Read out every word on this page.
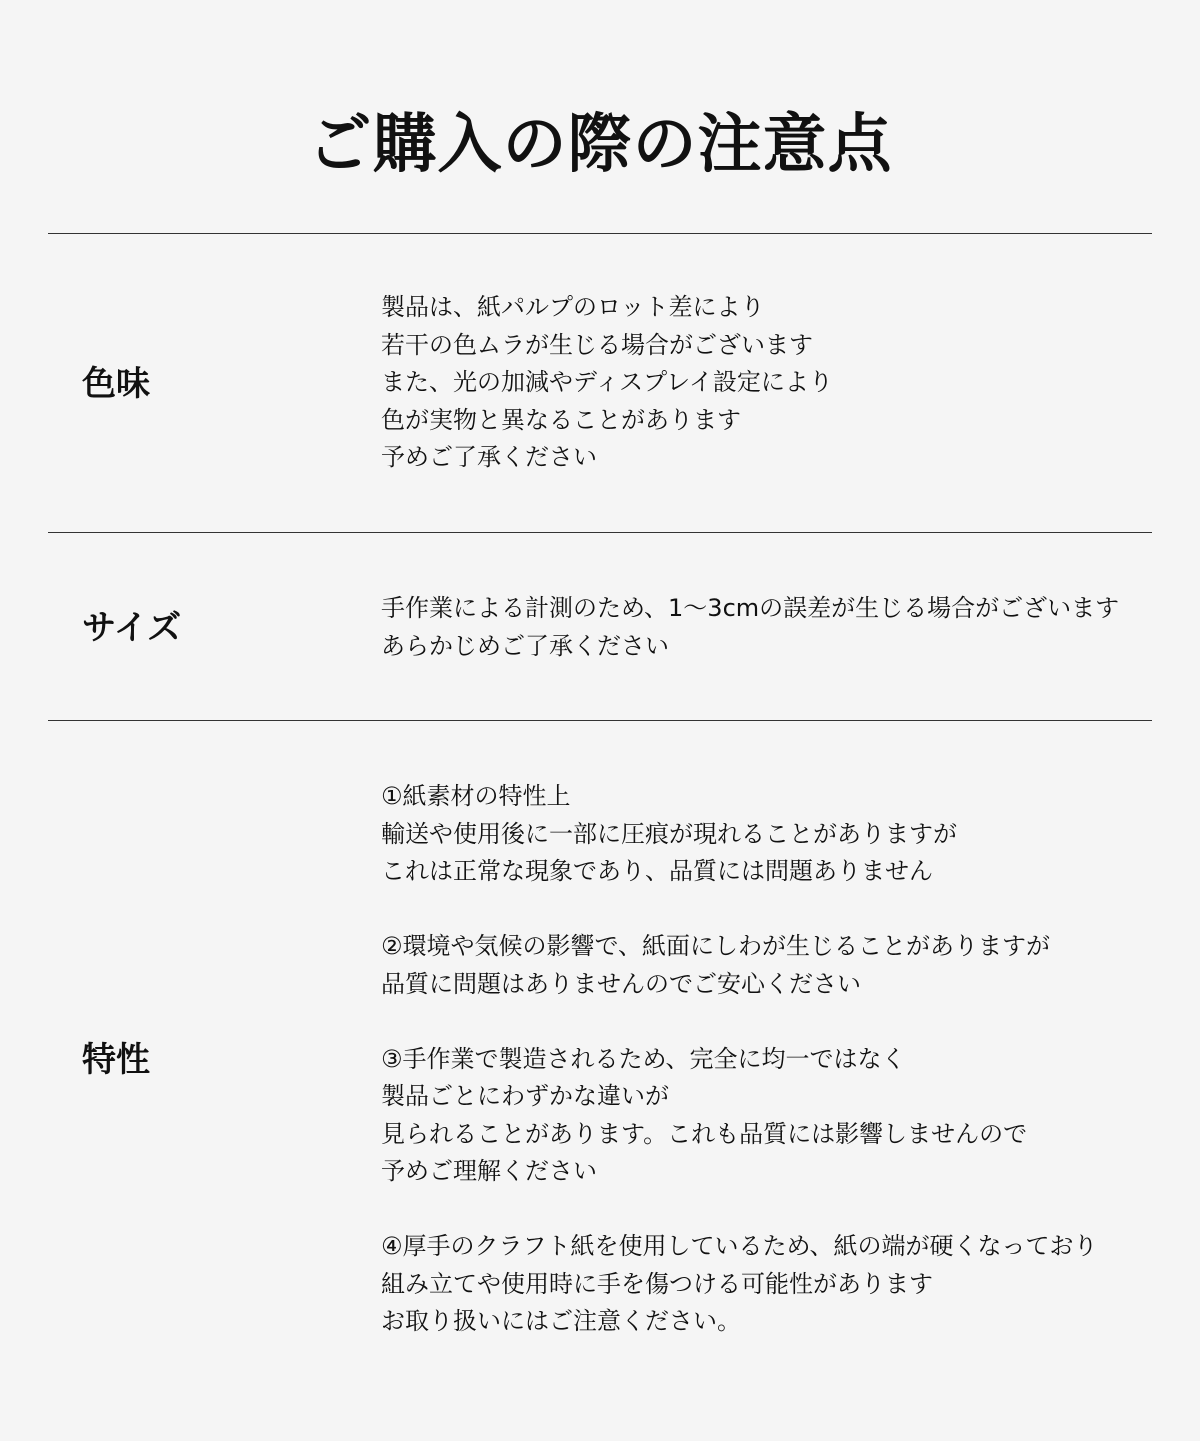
ご購入の際の注意点
色味
製品は、紙パルプのロット差により
若干の色ムラが生じる場合がございます
また、光の加減やディスプレイ設定により
色が実物と異なることがあります
予めご了承ください
サイズ	手作業による計測のため、1〜3cmの誤差が生じる場合がございます
あらかじめご了承ください
特性
①紙素材の特性上
輸送や使用後に一部に圧痕が現れることがありますが
これは正常な現象であり、品質には問題ありません
②環境や気候の影響で、紙面にしわが生じることがありますが
品質に問題はありませんのでご安心ください
③手作業で製造されるため、完全に均一ではなく
製品ごとにわずかな違いが
見られることがあります。これも品質には影響しませんので
予めご理解ください
④厚手のクラフト紙を使用しているため、紙の端が硬くなっており
組み立てや使用時に手を傷つける可能性があります
お取り扱いにはご注意ください。
